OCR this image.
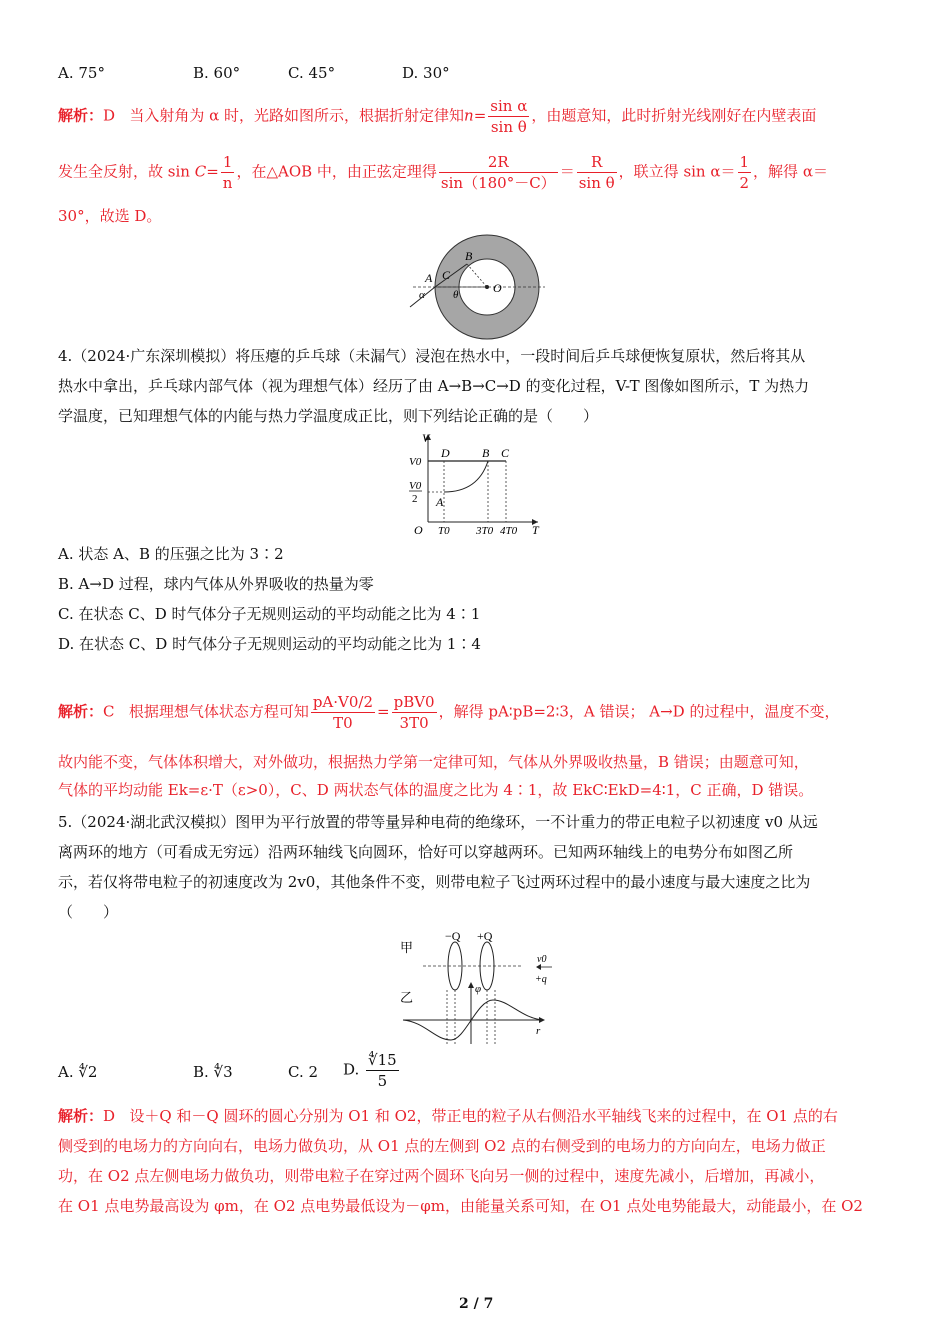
A. 75°	B. 60°	C. 45°	D. 30°
解析：D 当入射角为 α 时，光路如图所示，根据折射定律知$n= \frac{\text{sin α}}{\text{sin θ}}$ ，由题意知，此时折射光线刚好在内壁表面
发生全反射，故 $\sin C= \frac{1}{n}$ ，在△AOB 中，由正弦定理得 $\frac{2R}{\sin(180^\circ-C)} = \frac{R}{\text{sin θ}}$ ，联立得 $\sin \alpha= \frac{1}{2}$ ，解得 α＝
30°，故选 D。
A
B
C
α	θ	O
4.（2024·广东深圳模拟）将压瘪的乒乓球（未漏气）浸泡在热水中，一段时间后乒乓球便恢复原状，然后将其从
热水中拿出，乒乓球内部气体（视为理想气体）经历了由 A→B→C→D 的变化过程，V-T 图像如图所示，T 为热力
学温度，已知理想气体的内能与热力学温度成正比，则下列结论正确的是（　　）
V
V0
V0
2
D	B C
A
O T0 3T0 4T0 T
A. 状态 A、B 的压强之比为 3∶2
B. A→D 过程，球内气体从外界吸收的热量为零
C. 在状态 C、D 时气体分子无规则运动的平均动能之比为 4∶1
D. 在状态 C、D 时气体分子无规则运动的平均动能之比为 1∶4
解析：C 根据理想气体状态方程可知 $\frac{pA\cdot V0/2}{T0} = \frac{\text{pBV0}}{3T0}$ ，解得 pA∶pB=2∶3，A 错误； A→D 的过程中，温度不变，
故内能不变，气体体积增大，对外做功，根据热力学第一定律可知，气体从外界吸收热量，B 错误；由题意可知，
气体的平均动能 Ek=ε·T（ε>0），C、D 两状态气体的温度之比为 4∶1，故 EkC∶EkD=4∶1，C 正确，D 错误。
5.（2024·湖北武汉模拟）图甲为平行放置的带等量异种电荷的绝缘环，一不计重力的带正电粒子以初速度 v0 从远
离两环的地方（可看成无穷远）沿两环轴线飞向圆环，恰好可以穿越两环。已知两环轴线上的电势分布如图乙所
示，若仅将带电粒子的初速度改为 2v0，其他条件不变，则带电粒子飞过两环过程中的最小速度与最大速度之比为
（　　）
甲
−Q +Q
v0
+q
乙
φ
r
A. ∜2	B. ∜3	C. 2 D. $\frac{∜15}{5}$
解析：D 设＋Q 和－Q 圆环的圆心分别为 O1 和 O2，带正电的粒子从右侧沿水平轴线飞来的过程中，在 O1 点的右
侧受到的电场力的方向向右，电场力做负功，从 O1 点的左侧到 O2 点的右侧受到的电场力的方向向左，电场力做正
功，在 O2 点左侧电场力做负功，则带电粒子在穿过两个圆环飞向另一侧的过程中，速度先减小，后增加，再减小，
在 O1 点电势最高设为 φm，在 O2 点电势最低设为－φm，由能量关系可知，在 O1 点处电势能最大，动能最小，在 O2
2 / 7
